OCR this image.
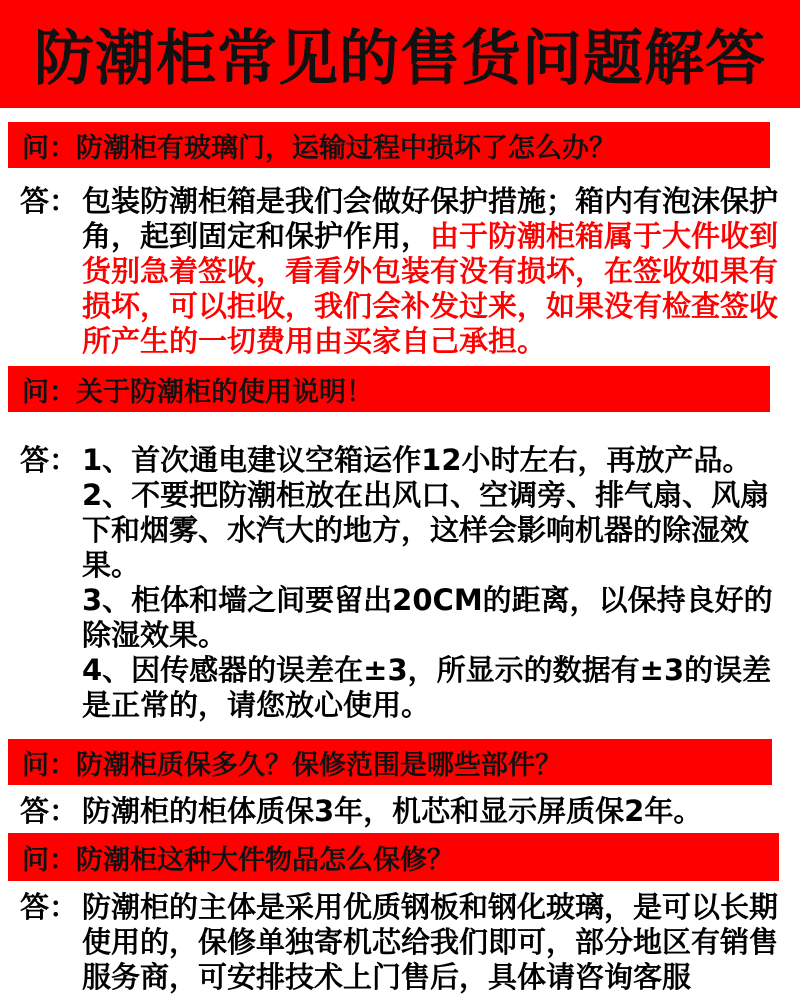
防潮柜常见的售货问题解答
问：防潮柜有玻璃门，运输过程中损坏了怎么办？
答： 包装防潮柜箱是我们会做好保护措施；箱内有泡沫保护角，起到固定和保护作用，由于防潮柜箱属于大件收到货别急着签收，看看外包装有没有损坏，在签收如果有损坏，可以拒收，我们会补发过来，如果没有检查签收所产生的一切费用由买家自己承担。
问：关于防潮柜的使用说明！
答： 1、首次通电建议空箱运作12小时左右，再放产品。

2、不要把防潮柜放在出风口、空调旁、排气扇、风扇下和烟雾、水汽大的地方，这样会影响机器的除湿效果。

3、柜体和墙之间要留出20CM的距离，以保持良好的除湿效果。

4、因传感器的误差在±3，所显示的数据有±3的误差是正常的，请您放心使用。

问：防潮柜质保多久？保修范围是哪些部件？
答： 防潮柜的柜体质保3年，机芯和显示屏质保2年。
问：防潮柜这种大件物品怎么保修？
答： 防潮柜的主体是采用优质钢板和钢化玻璃，是可以长期使用的，保修单独寄机芯给我们即可，部分地区有销售服务商，可安排技术上门售后，具体请咨询客服
